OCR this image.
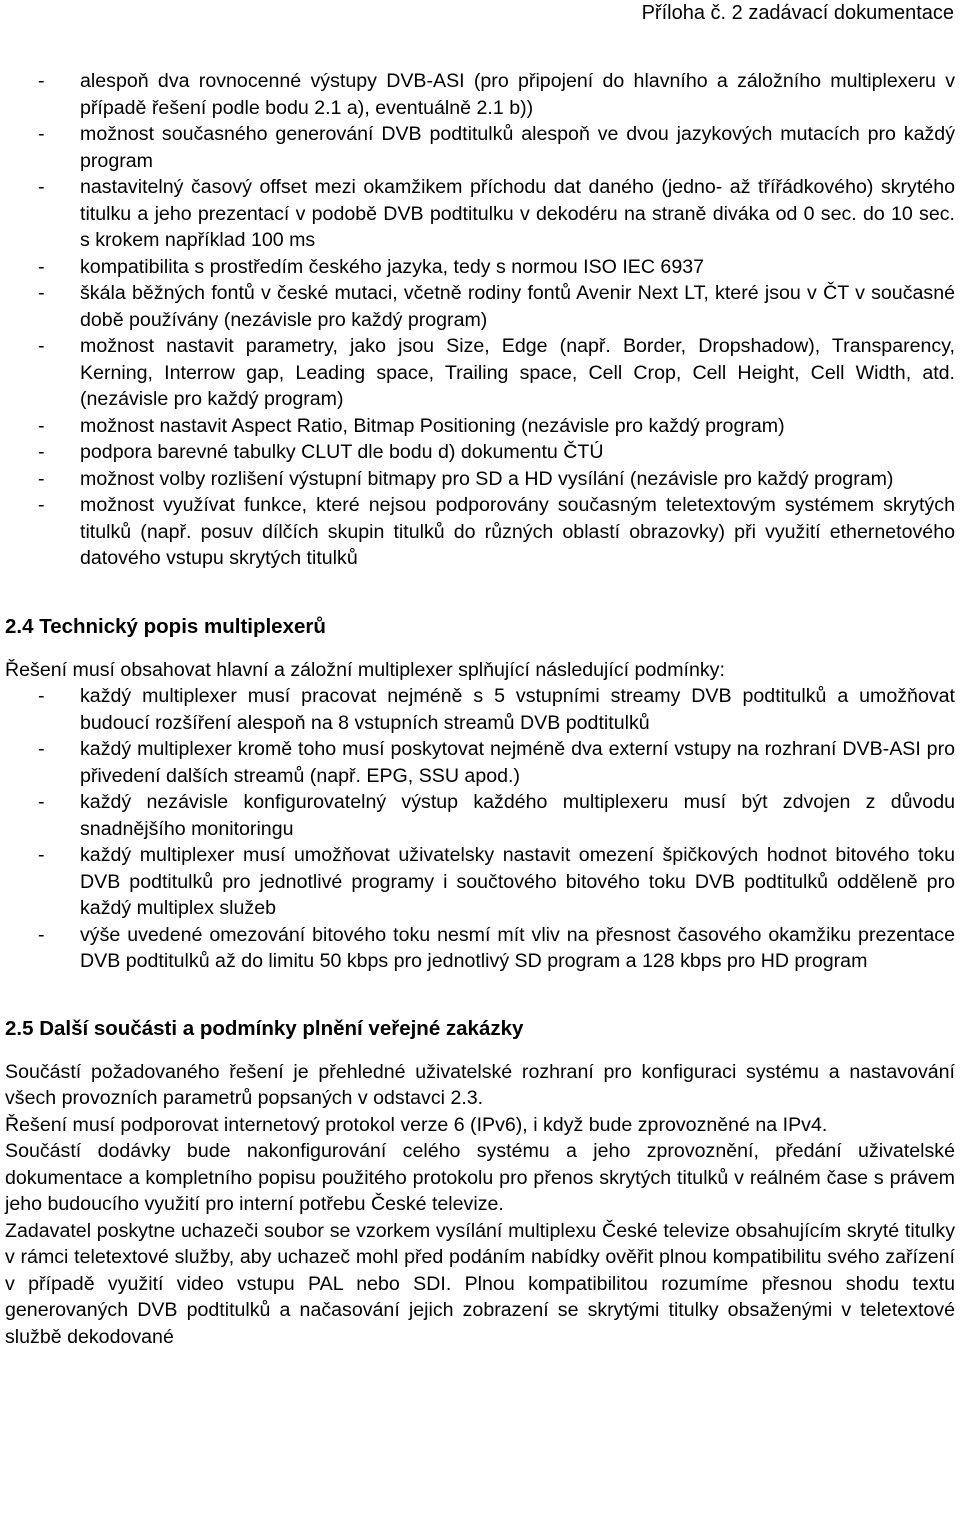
Příloha č. 2 zadávací dokumentace
- alespoň dva rovnocenné výstupy DVB-ASI (pro připojení do hlavního a záložního multiplexeru v případě řešení podle bodu 2.1 a), eventuálně 2.1 b))
- možnost současného generování DVB podtitulků alespoň ve dvou jazykových mutacích pro každý program
- nastavitelný časový offset mezi okamžikem příchodu dat daného (jedno- až třířádkového) skrytého titulku a jeho prezentací v podobě DVB podtitulku v dekodéru na straně diváka od 0 sec. do 10 sec. s krokem například 100 ms
- kompatibilita s prostředím českého jazyka, tedy s normou ISO IEC 6937
- škála běžných fontů v české mutaci, včetně rodiny fontů Avenir Next LT, které jsou v ČT v současné době používány (nezávisle pro každý program)
- možnost nastavit parametry, jako jsou Size, Edge (např. Border, Dropshadow), Transparency, Kerning, Interrow gap, Leading space, Trailing space, Cell Crop, Cell Height, Cell Width, atd. (nezávisle pro každý program)
- možnost nastavit Aspect Ratio, Bitmap Positioning (nezávisle pro každý program)
- podpora barevné tabulky CLUT dle bodu d) dokumentu ČTÚ
- možnost volby rozlišení výstupní bitmapy pro SD a HD vysílání (nezávisle pro každý program)
- možnost využívat funkce, které nejsou podporovány současným teletextovým systémem skrytých titulků (např. posuv dílčích skupin titulků do různých oblastí obrazovky) při využití ethernetového datového vstupu skrytých titulků
2.4 Technický popis multiplexerů

Řešení musí obsahovat hlavní a záložní multiplexer splňující následující podmínky:

- každý multiplexer musí pracovat nejméně s 5 vstupními streamy DVB podtitulků a umožňovat budoucí rozšíření alespoň na 8 vstupních streamů DVB podtitulků
- každý multiplexer kromě toho musí poskytovat nejméně dva externí vstupy na rozhraní DVB-ASI pro přivedení dalších streamů (např. EPG, SSU apod.)
- každý nezávisle konfigurovatelný výstup každého multiplexeru musí být zdvojen z důvodu snadnějšího monitoringu
- každý multiplexer musí umožňovat uživatelsky nastavit omezení špičkových hodnot bitového toku DVB podtitulků pro jednotlivé programy i součtového bitového toku DVB podtitulků odděleně pro každý multiplex služeb
- výše uvedené omezování bitového toku nesmí mít vliv na přesnost časového okamžiku prezentace DVB podtitulků až do limitu 50 kbps pro jednotlivý SD program a 128 kbps pro HD program
2.5 Další součásti a podmínky plnění veřejné zakázky

Součástí požadovaného řešení je přehledné uživatelské rozhraní pro konfiguraci systému a nastavování všech provozních parametrů popsaných v odstavci 2.3.

Řešení musí podporovat internetový protokol verze 6 (IPv6), i když bude zprovozněné na IPv4.

Součástí dodávky bude nakonfigurování celého systému a jeho zprovoznění, předání uživatelské dokumentace a kompletního popisu použitého protokolu pro přenos skrytých titulků v reálném čase s právem jeho budoucího využití pro interní potřebu České televize.

Zadavatel poskytne uchazeči soubor se vzorkem vysílání multiplexu České televize obsahujícím skryté titulky v rámci teletextové služby, aby uchazeč mohl před podáním nabídky ověřit plnou kompatibilitu svého zařízení v případě využití video vstupu PAL nebo SDI. Plnou kompatibilitou rozumíme přesnou shodu textu generovaných DVB podtitulků a načasování jejich zobrazení se skrytými titulky obsaženými v teletextové službě dekodované
